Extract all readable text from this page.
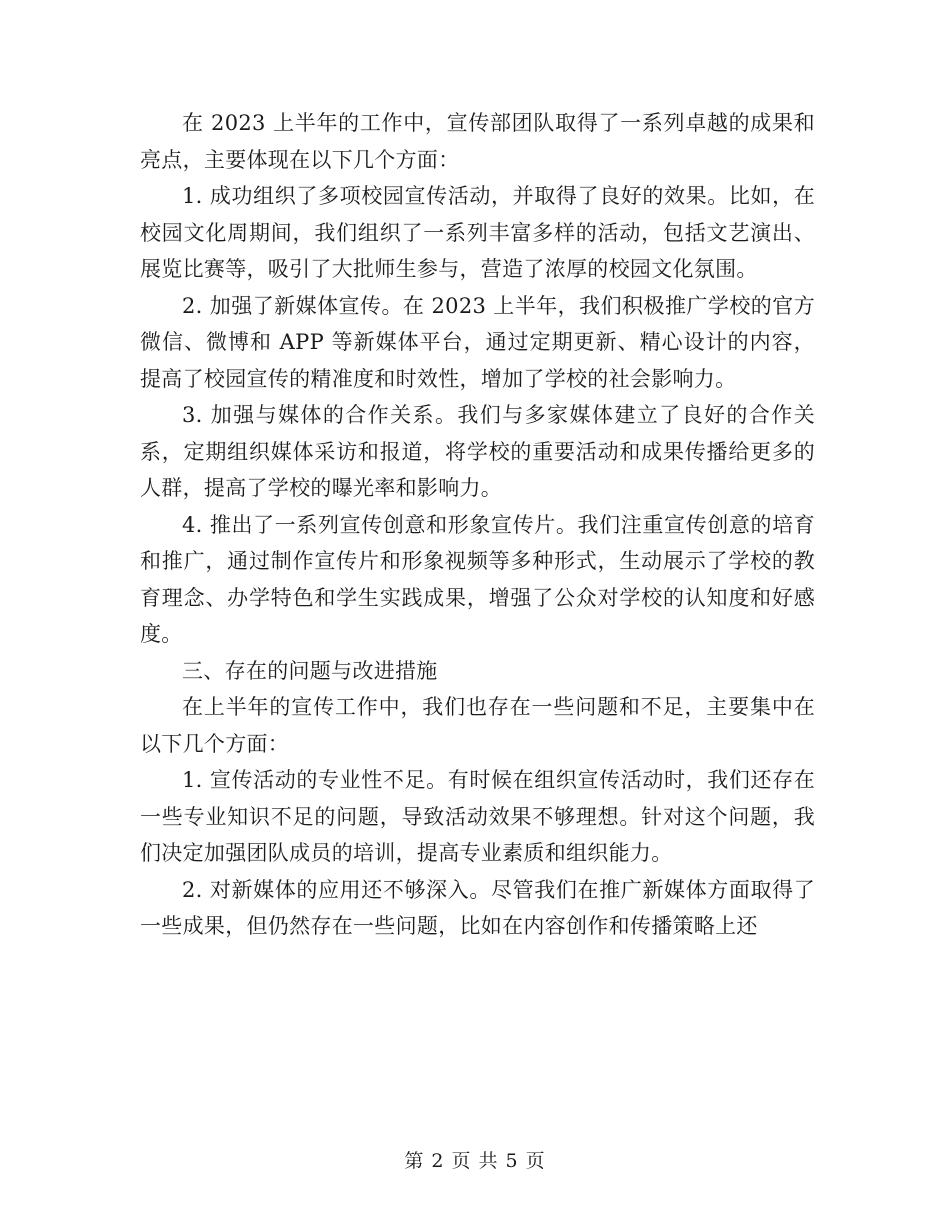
在 2023 上半年的工作中，宣传部团队取得了一系列卓越的成果和亮点，主要体现在以下几个方面：

1. 成功组织了多项校园宣传活动，并取得了良好的效果。比如，在校园文化周期间，我们组织了一系列丰富多样的活动，包括文艺演出、展览比赛等，吸引了大批师生参与，营造了浓厚的校园文化氛围。

2. 加强了新媒体宣传。在 2023 上半年，我们积极推广学校的官方微信、微博和 APP 等新媒体平台，通过定期更新、精心设计的内容，提高了校园宣传的精准度和时效性，增加了学校的社会影响力。

3. 加强与媒体的合作关系。我们与多家媒体建立了良好的合作关系，定期组织媒体采访和报道，将学校的重要活动和成果传播给更多的人群，提高了学校的曝光率和影响力。

4. 推出了一系列宣传创意和形象宣传片。我们注重宣传创意的培育和推广，通过制作宣传片和形象视频等多种形式，生动展示了学校的教育理念、办学特色和学生实践成果，增强了公众对学校的认知度和好感度。

三、存在的问题与改进措施

在上半年的宣传工作中，我们也存在一些问题和不足，主要集中在以下几个方面：

1. 宣传活动的专业性不足。有时候在组织宣传活动时，我们还存在一些专业知识不足的问题，导致活动效果不够理想。针对这个问题，我们决定加强团队成员的培训，提高专业素质和组织能力。

2. 对新媒体的应用还不够深入。尽管我们在推广新媒体方面取得了一些成果，但仍然存在一些问题，比如在内容创作和传播策略上还

第 2 页 共 5 页
